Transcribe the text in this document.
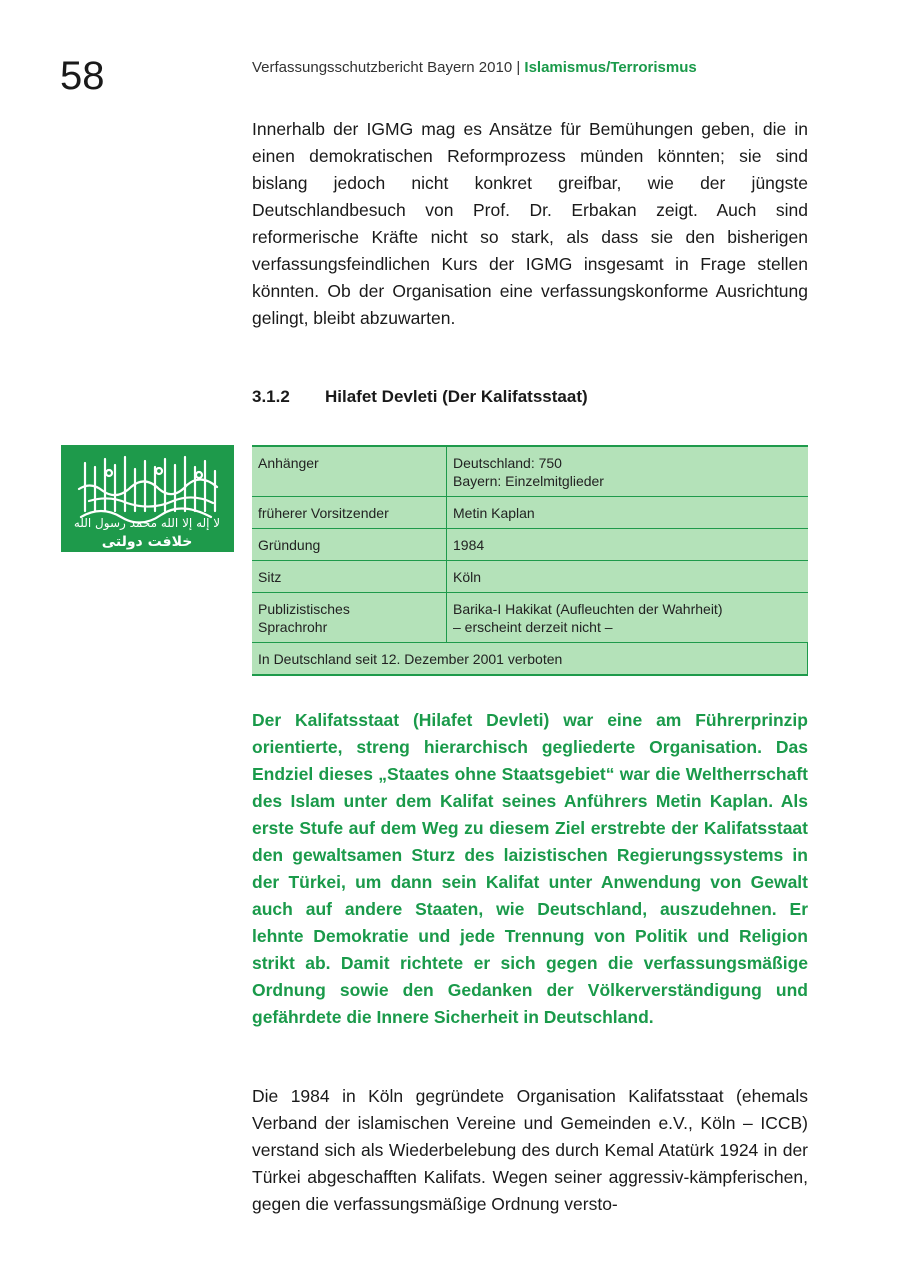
58	Verfassungsschutzbericht Bayern 2010 | Islamismus/Terrorismus

Innerhalb der IGMG mag es Ansätze für Bemühungen geben, die in einen demokratischen Reformprozess münden könnten; sie sind bislang jedoch nicht konkret greifbar, wie der jüngste Deutschlandbesuch von Prof. Dr. Erbakan zeigt. Auch sind reformerische Kräfte nicht so stark, als dass sie den bisherigen verfassungsfeindlichen Kurs der IGMG insgesamt in Frage stellen könnten. Ob der Organisation eine verfassungskonforme Ausrichtung gelingt, bleibt abzuwarten.

3.1.2 Hilafet Devleti (Der Kalifatsstaat)
لا إله إلا الله محمد رسول الله
خلافت دولتی
Anhänger	Deutschland: 750
Bayern: Einzelmitglieder

früherer Vorsitzender	Metin Kaplan

Gründung	1984

Sitz	Köln

Publizistisches Sprachrohr	Barika-I Hakikat (Aufleuchten der Wahrheit)
– erscheint derzeit nicht –

In Deutschland seit 12. Dezember 2001 verboten	

Der Kalifatsstaat (Hilafet Devleti) war eine am Führerprinzip orientierte, streng hierarchisch gegliederte Organisation. Das Endziel dieses „Staates ohne Staatsgebiet“ war die Weltherrschaft des Islam unter dem Kalifat seines Anführers Metin Kaplan. Als erste Stufe auf dem Weg zu diesem Ziel erstrebte der Kalifatsstaat den gewaltsamen Sturz des laizistischen Regierungssystems in der Türkei, um dann sein Kalifat unter Anwendung von Gewalt auch auf andere Staaten, wie Deutschland, auszudehnen. Er lehnte Demokratie und jede Trennung von Politik und Religion strikt ab. Damit richtete er sich gegen die verfassungsmäßige Ordnung sowie den Gedanken der Völkerverständigung und gefährdete die Innere Sicherheit in Deutschland.

Die 1984 in Köln gegründete Organisation Kalifatsstaat (ehemals Verband der islamischen Vereine und Gemeinden e.V., Köln – ICCB) verstand sich als Wiederbelebung des durch Kemal Atatürk 1924 in der Türkei abgeschafften Kalifats. Wegen seiner aggressiv-kämpferischen, gegen die verfassungsmäßige Ordnung versto-
